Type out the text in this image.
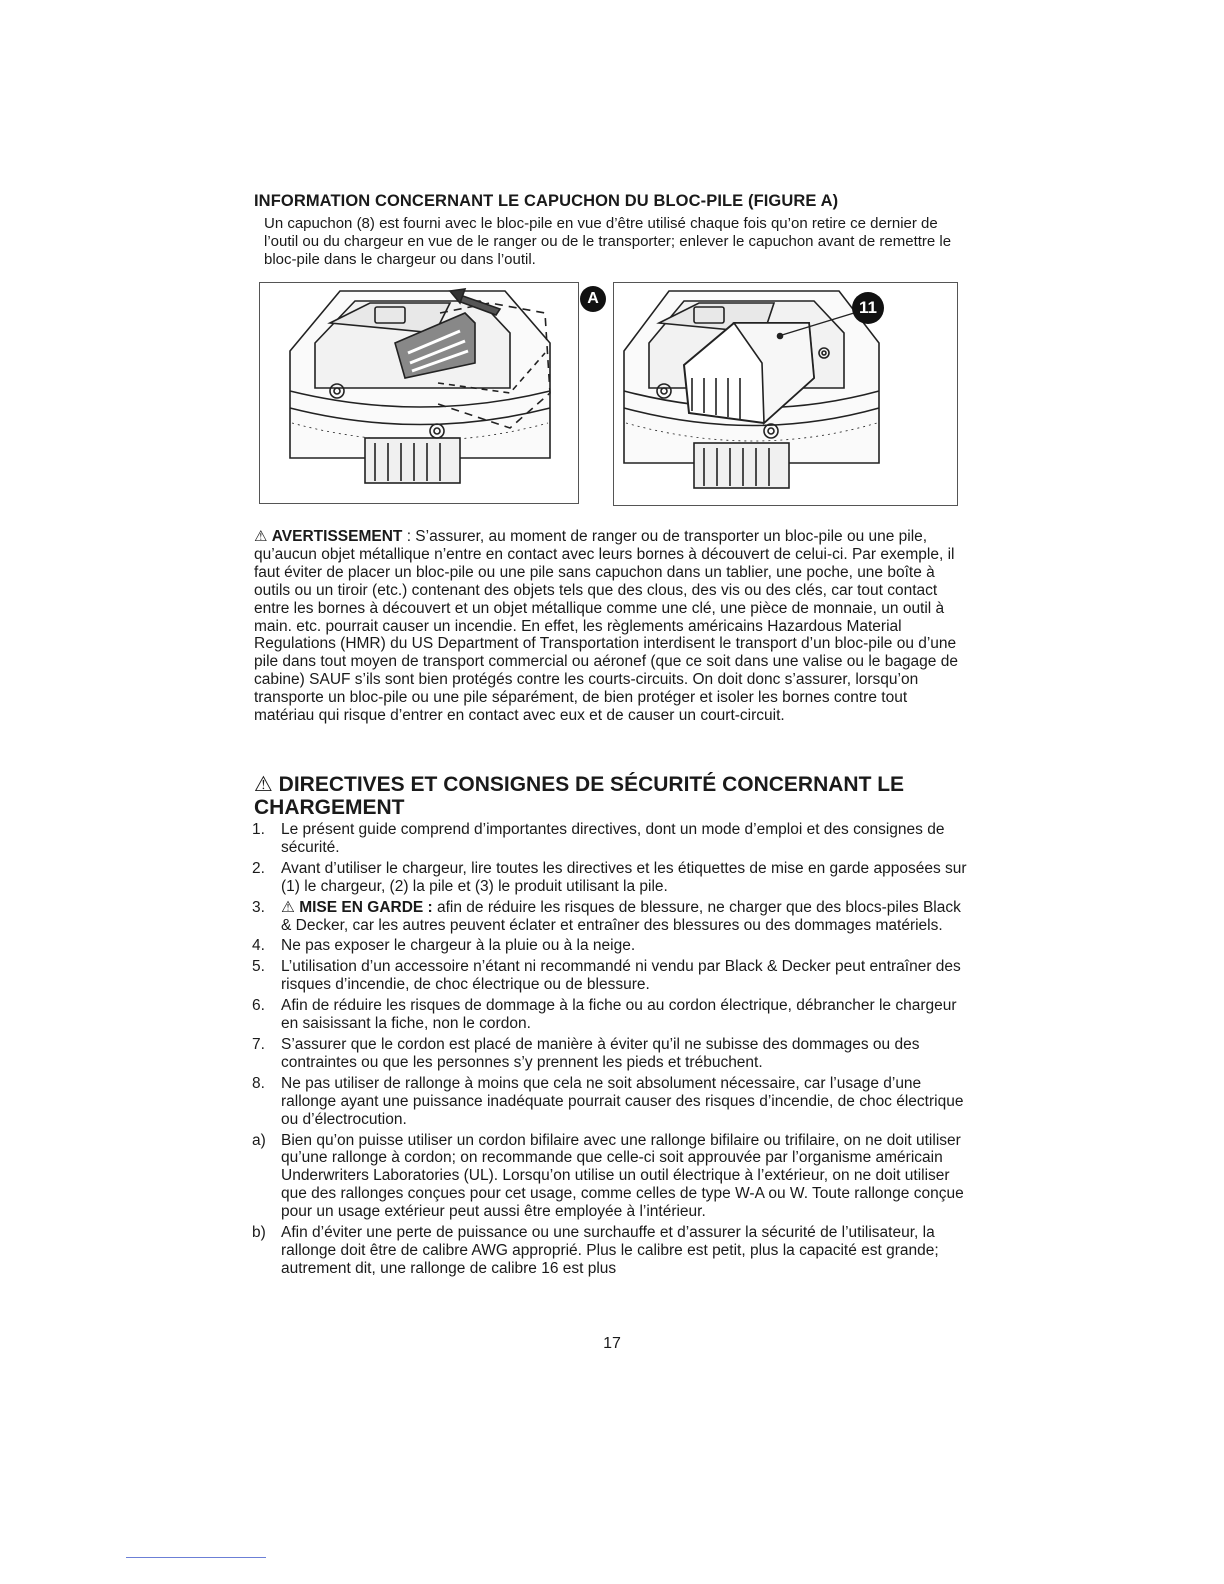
INFORMATION CONCERNANT LE CAPUCHON DU BLOC-PILE (FIGURE A)
Un capuchon (8) est fourni avec le bloc-pile en vue d’être utilisé chaque fois qu’on retire ce dernier de l’outil ou du chargeur en vue de le ranger ou de le transporter; enlever le capuchon avant de remettre le bloc-pile dans le chargeur ou dans l’outil.
A	11
⚠ AVERTISSEMENT : S’assurer, au moment de ranger ou de transporter un bloc-pile ou une pile, qu’aucun objet métallique n’entre en contact avec leurs bornes à découvert de celui-ci. Par exemple, il faut éviter de placer un bloc-pile ou une pile sans capuchon dans un tablier, une poche, une boîte à outils ou un tiroir (etc.) contenant des objets tels que des clous, des vis ou des clés, car tout contact entre les bornes à découvert et un objet métallique comme une clé, une pièce de monnaie, un outil à main. etc. pourrait causer un incendie. En effet, les règlements américains Hazardous Material Regulations (HMR) du US Department of Transportation interdisent le transport d’un bloc-pile ou d’une pile dans tout moyen de transport commercial ou aéronef (que ce soit dans une valise ou le bagage de cabine) SAUF s’ils sont bien protégés contre les courts-circuits. On doit donc s’assurer, lorsqu’on transporte un bloc-pile ou une pile séparément, de bien protéger et isoler les bornes contre tout matériau qui risque d’entrer en contact avec eux et de causer un court-circuit.
⚠ DIRECTIVES ET CONSIGNES DE SÉCURITÉ CONCERNANT LE CHARGEMENT
1. Le présent guide comprend d’importantes directives, dont un mode d’emploi et des consignes de sécurité.
2. Avant d’utiliser le chargeur, lire toutes les directives et les étiquettes de mise en garde apposées sur (1) le chargeur, (2) la pile et (3) le produit utilisant la pile.
3. ⚠ MISE EN GARDE : afin de réduire les risques de blessure, ne charger que des blocs-piles Black & Decker, car les autres peuvent éclater et entraîner des blessures ou des dommages matériels.
4. Ne pas exposer le chargeur à la pluie ou à la neige.
5. L’utilisation d’un accessoire n’étant ni recommandé ni vendu par Black & Decker peut entraîner des risques d’incendie, de choc électrique ou de blessure.
6. Afin de réduire les risques de dommage à la fiche ou au cordon électrique, débrancher le chargeur en saisissant la fiche, non le cordon.
7. S’assurer que le cordon est placé de manière à éviter qu’il ne subisse des dommages ou des contraintes ou que les personnes s’y prennent les pieds et trébuchent.
8. Ne pas utiliser de rallonge à moins que cela ne soit absolument nécessaire, car l’usage d’une rallonge ayant une puissance inadéquate pourrait causer des risques d’incendie, de choc électrique ou d’électrocution.
a) Bien qu’on puisse utiliser un cordon bifilaire avec une rallonge bifilaire ou trifilaire, on ne doit utiliser qu’une rallonge à cordon; on recommande que celle-ci soit approuvée par l’organisme américain Underwriters Laboratories (UL). Lorsqu’on utilise un outil électrique à l’extérieur, on ne doit utiliser que des rallonges conçues pour cet usage, comme celles de type W-A ou W. Toute rallonge conçue pour un usage extérieur peut aussi être employée à l’intérieur.
b) Afin d’éviter une perte de puissance ou une surchauffe et d’assurer la sécurité de l’utilisateur, la rallonge doit être de calibre AWG approprié. Plus le calibre est petit, plus la capacité est grande; autrement dit, une rallonge de calibre 16 est plus
17
